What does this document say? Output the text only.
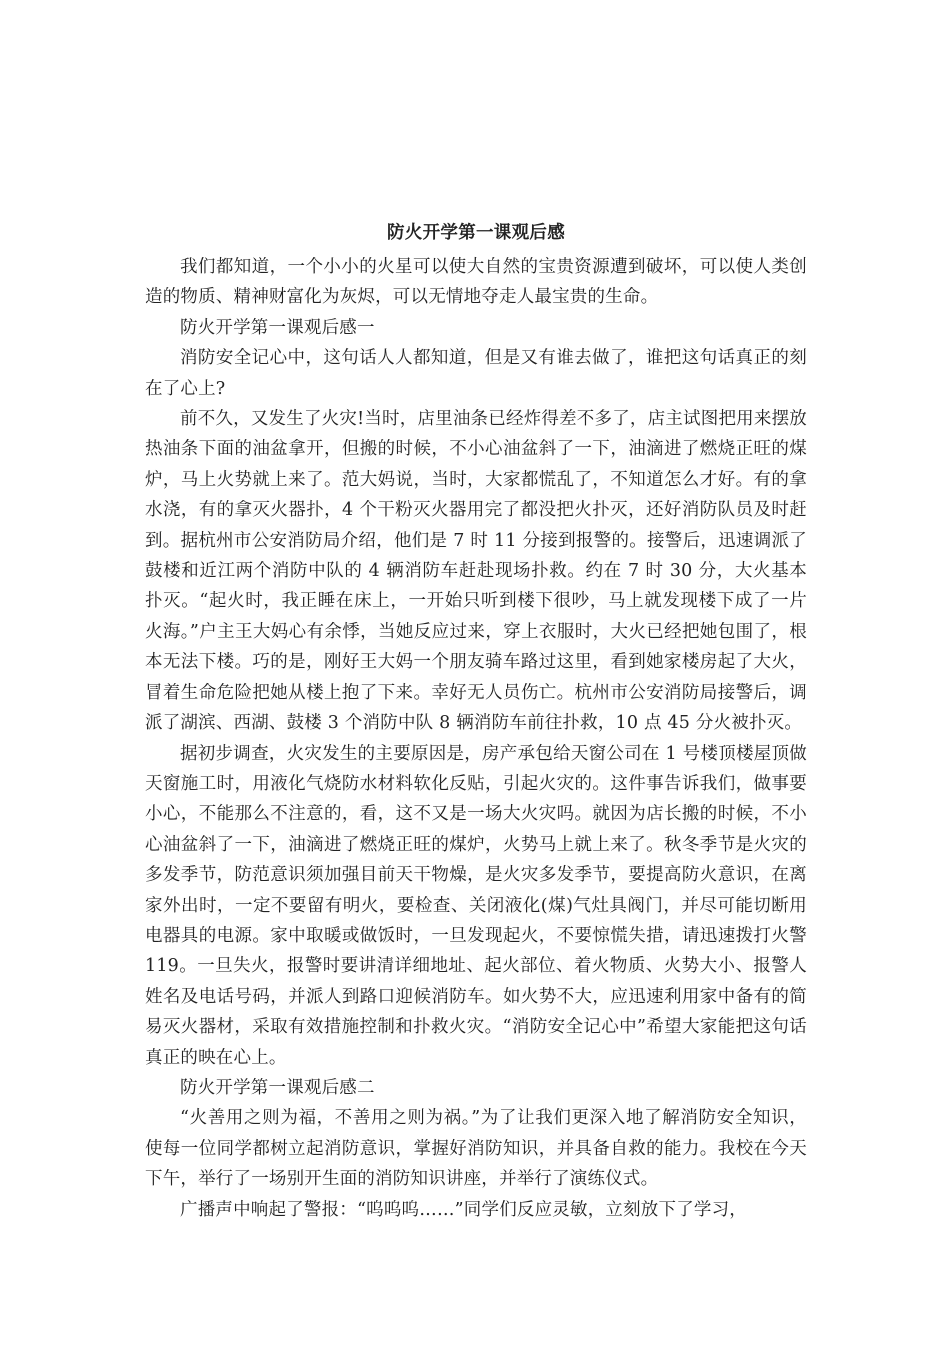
防火开学第一课观后感

我们都知道，一个小小的火星可以使大自然的宝贵资源遭到破坏，可以使人类创造的物质、精神财富化为灰烬，可以无情地夺走人最宝贵的生命。

防火开学第一课观后感一

消防安全记心中，这句话人人都知道，但是又有谁去做了，谁把这句话真正的刻在了心上?

前不久，又发生了火灾!当时，店里油条已经炸得差不多了，店主试图把用来摆放热油条下面的油盆拿开，但搬的时候，不小心油盆斜了一下，油滴进了燃烧正旺的煤炉，马上火势就上来了。范大妈说，当时，大家都慌乱了，不知道怎么才好。有的拿水浇，有的拿灭火器扑，4 个干粉灭火器用完了都没把火扑灭，还好消防队员及时赶到。据杭州市公安消防局介绍，他们是 7 时 11 分接到报警的。接警后，迅速调派了鼓楼和近江两个消防中队的 4 辆消防车赶赴现场扑救。约在 7 时 30 分，大火基本扑灭。“起火时，我正睡在床上，一开始只听到楼下很吵，马上就发现楼下成了一片火海。”户主王大妈心有余悸，当她反应过来，穿上衣服时，大火已经把她包围了，根本无法下楼。巧的是，刚好王大妈一个朋友骑车路过这里，看到她家楼房起了大火，冒着生命危险把她从楼上抱了下来。幸好无人员伤亡。杭州市公安消防局接警后，调派了湖滨、西湖、鼓楼 3 个消防中队 8 辆消防车前往扑救，10 点 45 分火被扑灭。

据初步调查，火灾发生的主要原因是，房产承包给天窗公司在 1 号楼顶楼屋顶做天窗施工时，用液化气烧防水材料软化反贴，引起火灾的。这件事告诉我们，做事要小心，不能那么不注意的，看，这不又是一场大火灾吗。就因为店长搬的时候，不小心油盆斜了一下，油滴进了燃烧正旺的煤炉，火势马上就上来了。秋冬季节是火灾的多发季节，防范意识须加强目前天干物燥，是火灾多发季节，要提高防火意识，在离家外出时，一定不要留有明火，要检查、关闭液化(煤)气灶具阀门，并尽可能切断用电器具的电源。家中取暖或做饭时，一旦发现起火，不要惊慌失措，请迅速拨打火警 119。一旦失火，报警时要讲清详细地址、起火部位、着火物质、火势大小、报警人姓名及电话号码，并派人到路口迎候消防车。如火势不大，应迅速利用家中备有的简易灭火器材，采取有效措施控制和扑救火灾。“消防安全记心中”希望大家能把这句话真正的映在心上。

防火开学第一课观后感二

“火善用之则为福，不善用之则为祸。”为了让我们更深入地了解消防安全知识，使每一位同学都树立起消防意识，掌握好消防知识，并具备自救的能力。我校在今天下午，举行了一场别开生面的消防知识讲座，并举行了演练仪式。

广播声中响起了警报：“呜呜呜……”同学们反应灵敏，立刻放下了学习，
